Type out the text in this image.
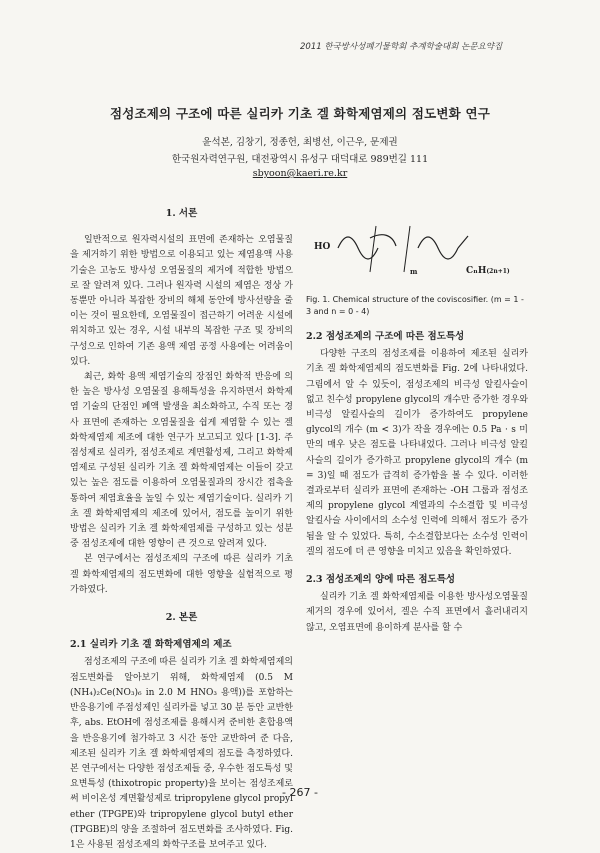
2011 한국방사성폐기물학회 추계학술대회 논문요약집
점성조제의 구조에 따른 실리카 기초 겔 화학제염제의 점도변화 연구
윤석본, 김창기, 정종헌, 최병선, 이근우, 문제권
한국원자력연구원, 대전광역시 유성구 대덕대로 989번길 111
sbyoon@kaeri.re.kr
1. 서론

일반적으로 원자력시설의 표면에 존재하는 오염물질을 제거하기 위한 방법으로 이용되고 있는 제염용액 사용기술은 고농도 방사성 오염물질의 제거에 적합한 방법으로 잘 알려져 있다. 그러나 원자력 시설의 제염은 정상 가동뿐만 아니라 복잡한 장비의 해체 동안에 방사선량을 줄이는 것이 필요한데, 오염물질이 접근하기 어려운 시설에 위치하고 있는 경우, 시설 내부의 복잡한 구조 및 장비의 구성으로 인하여 기존 용액 제염 공정 사용에는 어려움이 있다.

최근, 화학 용액 제염기술의 장점인 화학적 반응에 의한 높은 방사성 오염물질 용해특성을 유지하면서 화학제염 기술의 단점인 폐액 발생을 최소화하고, 수직 또는 경사 표면에 존재하는 오염물질을 쉽게 제염할 수 있는 겔 화학제염제 제조에 대한 연구가 보고되고 있다 [1-3]. 주점성제로 실리카, 점성조제로 계면활성제, 그리고 화학제염제로 구성된 실리카 기초 겔 화학제염제는 이들이 갖고 있는 높은 점도를 이용하여 오염물질과의 장시간 접촉을 통하여 제염효율을 높일 수 있는 제염기술이다. 실리카 기초 겔 화학제염제의 제조에 있어서, 점도를 높이기 위한 방법은 실리카 기초 겔 화학제염제를 구성하고 있는 성분 중 점성조제에 대한 영향이 큰 것으로 알려져 있다.

본 연구에서는 점성조제의 구조에 따른 실리카 기초 겔 화학제염제의 점도변화에 대한 영향을 실험적으로 평가하였다.

2. 본론
2.1 실리카 기초 겔 화학제염제의 제조

점성조제의 구조에 따른 실리카 기초 겔 화학제염제의 점도변화를 알아보기 위해, 화학제염제 (0.5 M (NH₄)₂Ce(NO₃)₆ in 2.0 M HNO₃ 용액))를 포함하는 반응용기에 주점성제인 실리카를 넣고 30 분 동안 교반한 후, abs. EtOH에 점성조제를 용해시켜 준비한 혼합용액을 반응용기에 첨가하고 3 시간 동안 교반하여 준 다음, 제조된 실리카 기초 겔 화학제염제의 점도를 측정하였다. 본 연구에서는 다양한 점성조제들 중, 우수한 점도특성 및 요변특성 (thixotropic property)을 보이는 점성조제로써 비이온성 계면활성제로 tripropylene glycol propyl ether (TPGPE)와 tripropylene glycol butyl ether (TPGBE)의 양을 조절하여 점도변화를 조사하였다. Fig. 1은 사용된 점성조제의 화학구조를 보여주고 있다.

HO
m	CₙH(2n+1)
Fig. 1. Chemical structure of the coviscosifier. (m = 1 - 3 and n = 0 - 4)
2.2 점성조제의 구조에 따른 점도특성

다양한 구조의 점성조제를 이용하여 제조된 실리카 기초 겔 화학제염제의 점도변화를 Fig. 2에 나타내었다. 그림에서 알 수 있듯이, 점성조제의 비극성 알킬사슬이 없고 친수성 propylene glycol의 개수만 증가한 경우와 비극성 알킬사슬의 길이가 증가하여도 propylene glycol의 개수 (m < 3)가 작을 경우에는 0.5 Pa · s 미만의 매우 낮은 점도를 나타내었다. 그러나 비극성 알킬사슬의 길이가 증가하고 propylene glycol의 개수 (m = 3)일 때 점도가 급격히 증가함을 볼 수 있다. 이러한 결과로부터 실리카 표면에 존재하는 -OH 그룹과 점성조제의 propylene glycol 계열과의 수소결합 및 비극성 알킬사슬 사이에서의 소수성 인력에 의해서 점도가 증가됨을 알 수 있었다. 특히, 수소결합보다는 소수성 인력이 겔의 점도에 더 큰 영향을 미치고 있음을 확인하였다.

2.3 점성조제의 양에 따른 점도특성

실리카 기초 겔 화학제염제를 이용한 방사성오염물질 제거의 경우에 있어서, 겔은 수직 표면에서 흘러내리지 않고, 오염표면에 용이하게 분사를 할 수

- 267 -
